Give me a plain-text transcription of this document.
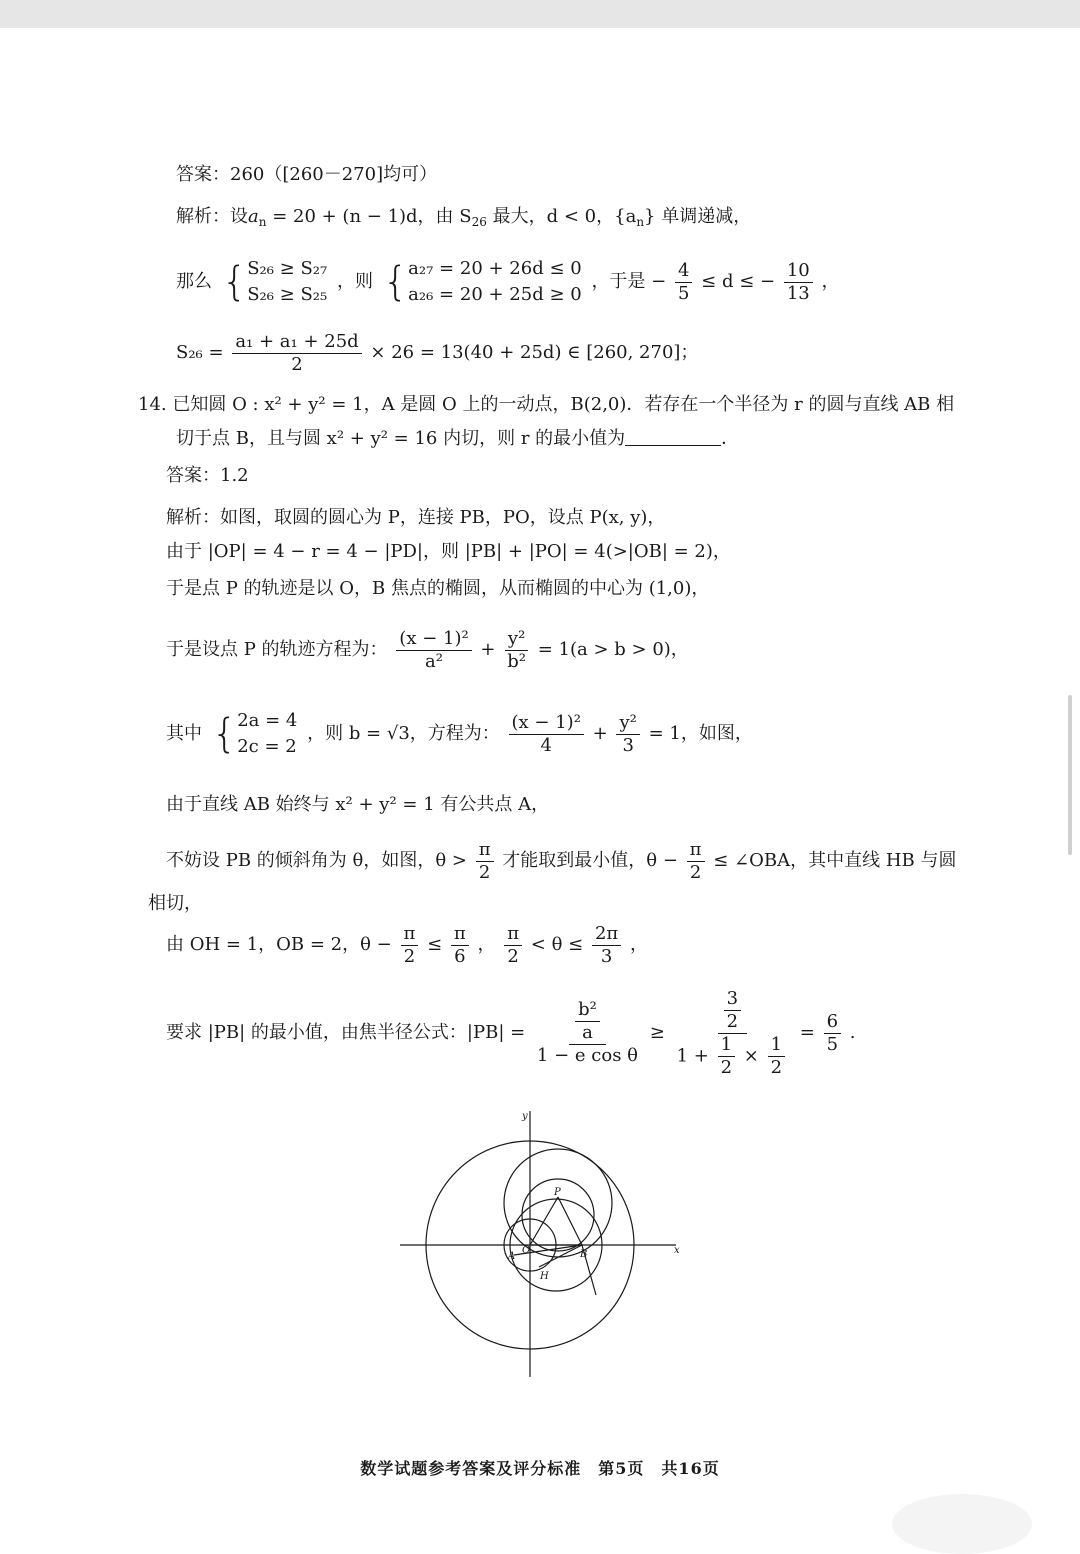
答案：260（[260－270]均可）
解析：设$a_n = 20 + (n - 1)d$，由 $S_{26}$ 最大，d < 0，$\{a_n\}$ 单调递减，
那么 { S₂₆ ≥ S₂₇
S₂₆ ≥ S₂₅
，则 { a₂₇ = 20 + 26d ≤ 0
a₂₆ = 20 + 25d ≥ 0
，于是 − $\frac{4}{5} \le d$ ≤ − $\frac{10}{13}$ ，
$S_{26} = \frac{\text{a₁ + a₁ + 25d}}{2} \times 26 = 13(40 + 25d)$ ∈ [260, 270]；
14. 已知圆 O : x² + y² = 1，A 是圆 O 上的一动点，B(2,0)．若存在一个半径为 r 的圆与直线 AB 相
切于点 B，且与圆 x² + y² = 16 内切，则 r 的最小值为	．
答案：1.2
解析：如图，取圆的圆心为 P，连接 PB，PO，设点 P(x, y)，
由于 |OP| = 4 − r = 4 − |PD|，则 |PB| + |PO| = 4(>|OB| = 2)，
于是点 P 的轨迹是以 O，B 焦点的椭圆，从而椭圆的中心为 (1,0)，
于是设点 P 的轨迹方程为： $\frac{\text{(x − 1)²}}{\text{a²}} + \frac{\text{y²}}{\text{b²}} = 1(a > b > 0)$，
其中 { 2a = 4
2c = 2
，则 b = √3，方程为： $\frac{\text{(x − 1)²}}{4} + \frac{\text{y²}}{3} = 1$，如图，
由于直线 AB 始终与 x² + y² = 1 有公共点 A，
不妨设 PB 的倾斜角为 θ，如图，$\theta > \frac{\pi}{2}$ 才能取到最小值，$\theta - \frac{\pi}{2}$ ≤ ∠OBA，其中直线 HB 与圆
相切，
由 OH = 1，OB = 2，$\theta - \frac{\pi}{2} \le \frac{\pi}{6}$ ， $\frac{\pi}{2} < \theta \le \frac{2\pi}{3}$ ，
要求 |PB| 的最小值，由焦半径公式：$|PB| = \frac{\frac{\text{b²}}{a}}{\text{1 − e cos θ}} \ge \frac{\frac{3}{2}}{1 + \frac{1}{2} \times \frac{1}{2}} = \frac{6}{5}$ .
y
x
P
O
A	B
H
数学试题参考答案及评分标准　第5页　共16页
